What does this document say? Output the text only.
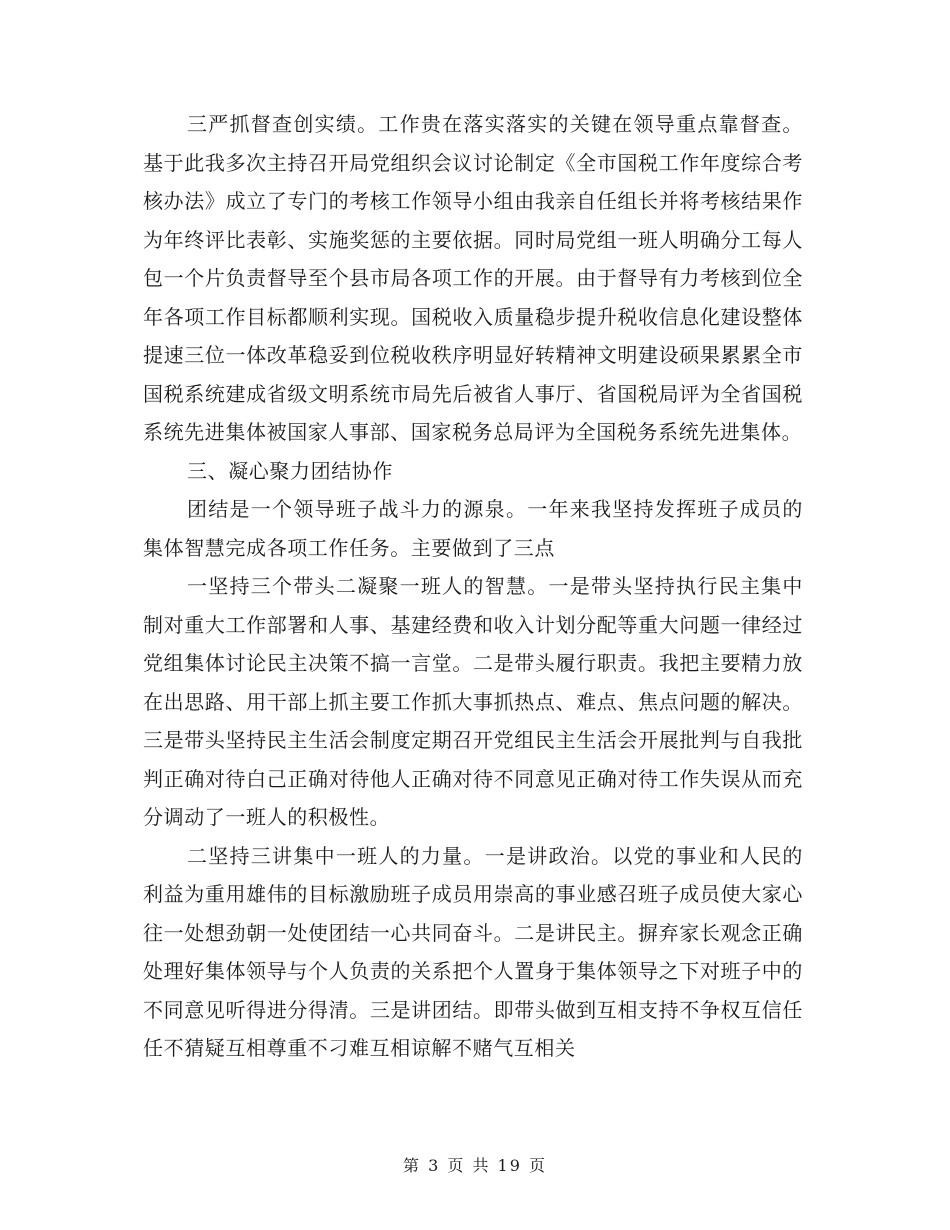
三严抓督查创实绩。工作贵在落实落实的关键在领导重点靠督查。基于此我多次主持召开局党组织会议讨论制定《全市国税工作年度综合考核办法》成立了专门的考核工作领导小组由我亲自任组长并将考核结果作为年终评比表彰、实施奖惩的主要依据。同时局党组一班人明确分工每人包一个片负责督导至个县市局各项工作的开展。由于督导有力考核到位全年各项工作目标都顺利实现。国税收入质量稳步提升税收信息化建设整体提速三位一体改革稳妥到位税收秩序明显好转精神文明建设硕果累累全市国税系统建成省级文明系统市局先后被省人事厅、省国税局评为全省国税系统先进集体被国家人事部、国家税务总局评为全国税务系统先进集体。

三、凝心聚力团结协作

团结是一个领导班子战斗力的源泉。一年来我坚持发挥班子成员的集体智慧完成各项工作任务。主要做到了三点

一坚持三个带头二凝聚一班人的智慧。一是带头坚持执行民主集中制对重大工作部署和人事、基建经费和收入计划分配等重大问题一律经过党组集体讨论民主决策不搞一言堂。二是带头履行职责。我把主要精力放在出思路、用干部上抓主要工作抓大事抓热点、难点、焦点问题的解决。三是带头坚持民主生活会制度定期召开党组民主生活会开展批判与自我批判正确对待白己正确对待他人正确对待不同意见正确对待工作失误从而充分调动了一班人的积极性。

二坚持三讲集中一班人的力量。一是讲政治。以党的事业和人民的利益为重用雄伟的目标激励班子成员用崇高的事业感召班子成员使大家心往一处想劲朝一处使团结一心共同奋斗。二是讲民主。摒弃家长观念正确处理好集体领导与个人负责的关系把个人置身于集体领导之下对班子中的不同意见听得进分得清。三是讲团结。即带头做到互相支持不争权互信任任不猜疑互相尊重不刁难互相谅解不赌气互相关

第 3 页 共 19 页
